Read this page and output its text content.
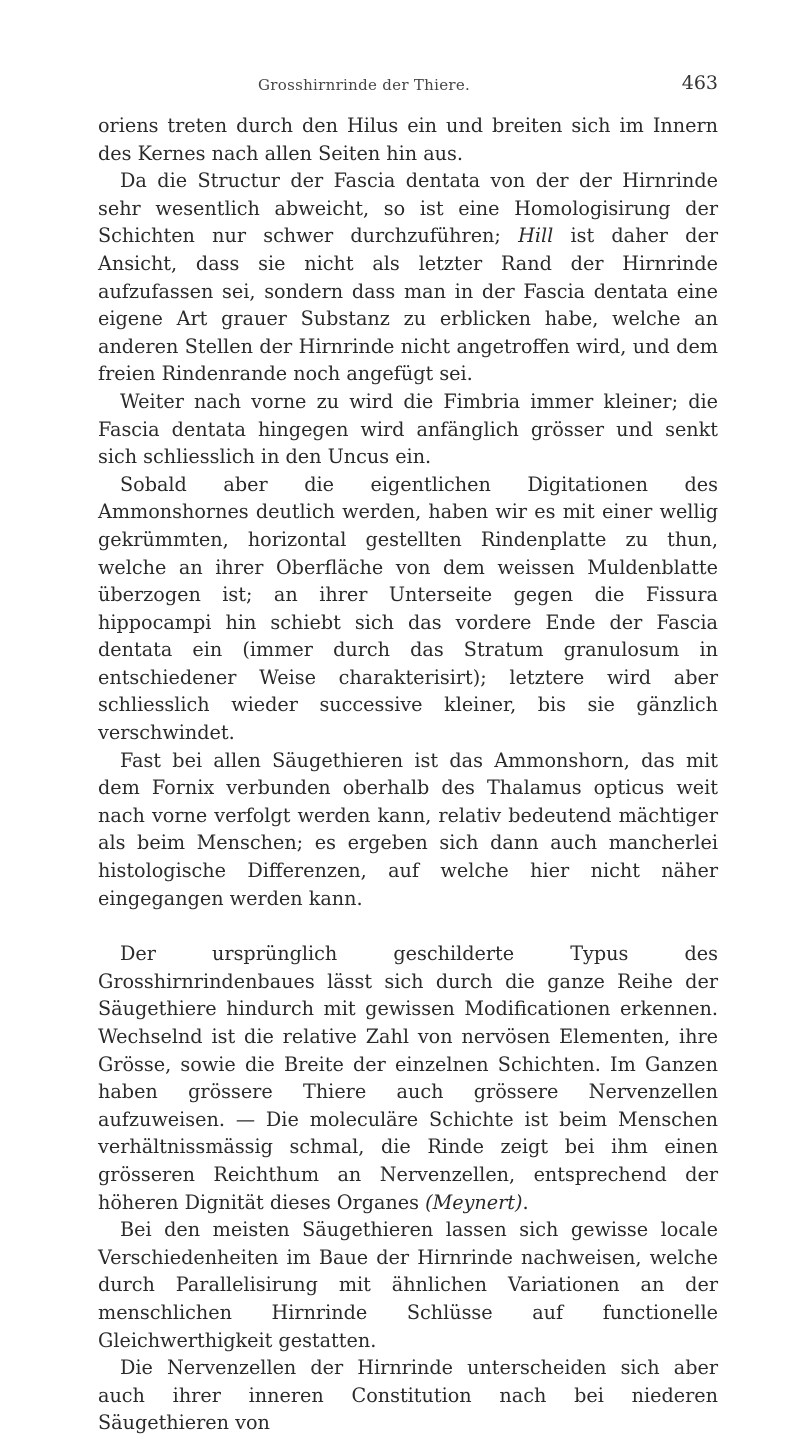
Grosshirnrinde der Thiere.	463

oriens treten durch den Hilus ein und breiten sich im Innern des Kernes nach allen Seiten hin aus.

Da die Structur der Fascia dentata von der der Hirnrinde sehr wesentlich abweicht, so ist eine Homologisirung der Schichten nur schwer durchzuführen; Hill ist daher der Ansicht, dass sie nicht als letzter Rand der Hirnrinde aufzufassen sei, sondern dass man in der Fascia dentata eine eigene Art grauer Substanz zu erblicken habe, welche an anderen Stellen der Hirnrinde nicht angetroffen wird, und dem freien Rindenrande noch angefügt sei.

Weiter nach vorne zu wird die Fimbria immer kleiner; die Fascia dentata hingegen wird anfänglich grösser und senkt sich schliesslich in den Uncus ein.

Sobald aber die eigentlichen Digitationen des Ammonshornes deutlich werden, haben wir es mit einer wellig gekrümmten, horizontal gestellten Rindenplatte zu thun, welche an ihrer Oberfläche von dem weissen Muldenblatte überzogen ist; an ihrer Unterseite gegen die Fissura hippocampi hin schiebt sich das vordere Ende der Fascia dentata ein (immer durch das Stratum granulosum in entschiedener Weise charakterisirt); letztere wird aber schliesslich wieder successive kleiner, bis sie gänzlich verschwindet.

Fast bei allen Säugethieren ist das Ammonshorn, das mit dem Fornix verbunden oberhalb des Thalamus opticus weit nach vorne verfolgt werden kann, relativ bedeutend mächtiger als beim Menschen; es ergeben sich dann auch mancherlei histologische Differenzen, auf welche hier nicht näher eingegangen werden kann.

Der ursprünglich geschilderte Typus des Grosshirnrindenbaues lässt sich durch die ganze Reihe der Säugethiere hindurch mit gewissen Modificationen erkennen. Wechselnd ist die relative Zahl von nervösen Elementen, ihre Grösse, sowie die Breite der einzelnen Schichten. Im Ganzen haben grössere Thiere auch grössere Nervenzellen aufzuweisen. — Die moleculäre Schichte ist beim Menschen verhältnissmässig schmal, die Rinde zeigt bei ihm einen grösseren Reichthum an Nervenzellen, entsprechend der höheren Dignität dieses Organes (Meynert).

Bei den meisten Säugethieren lassen sich gewisse locale Verschiedenheiten im Baue der Hirnrinde nachweisen, welche durch Parallelisirung mit ähnlichen Variationen an der menschlichen Hirnrinde Schlüsse auf functionelle Gleichwerthigkeit gestatten.

Die Nervenzellen der Hirnrinde unterscheiden sich aber auch ihrer inneren Constitution nach bei niederen Säugethieren von
